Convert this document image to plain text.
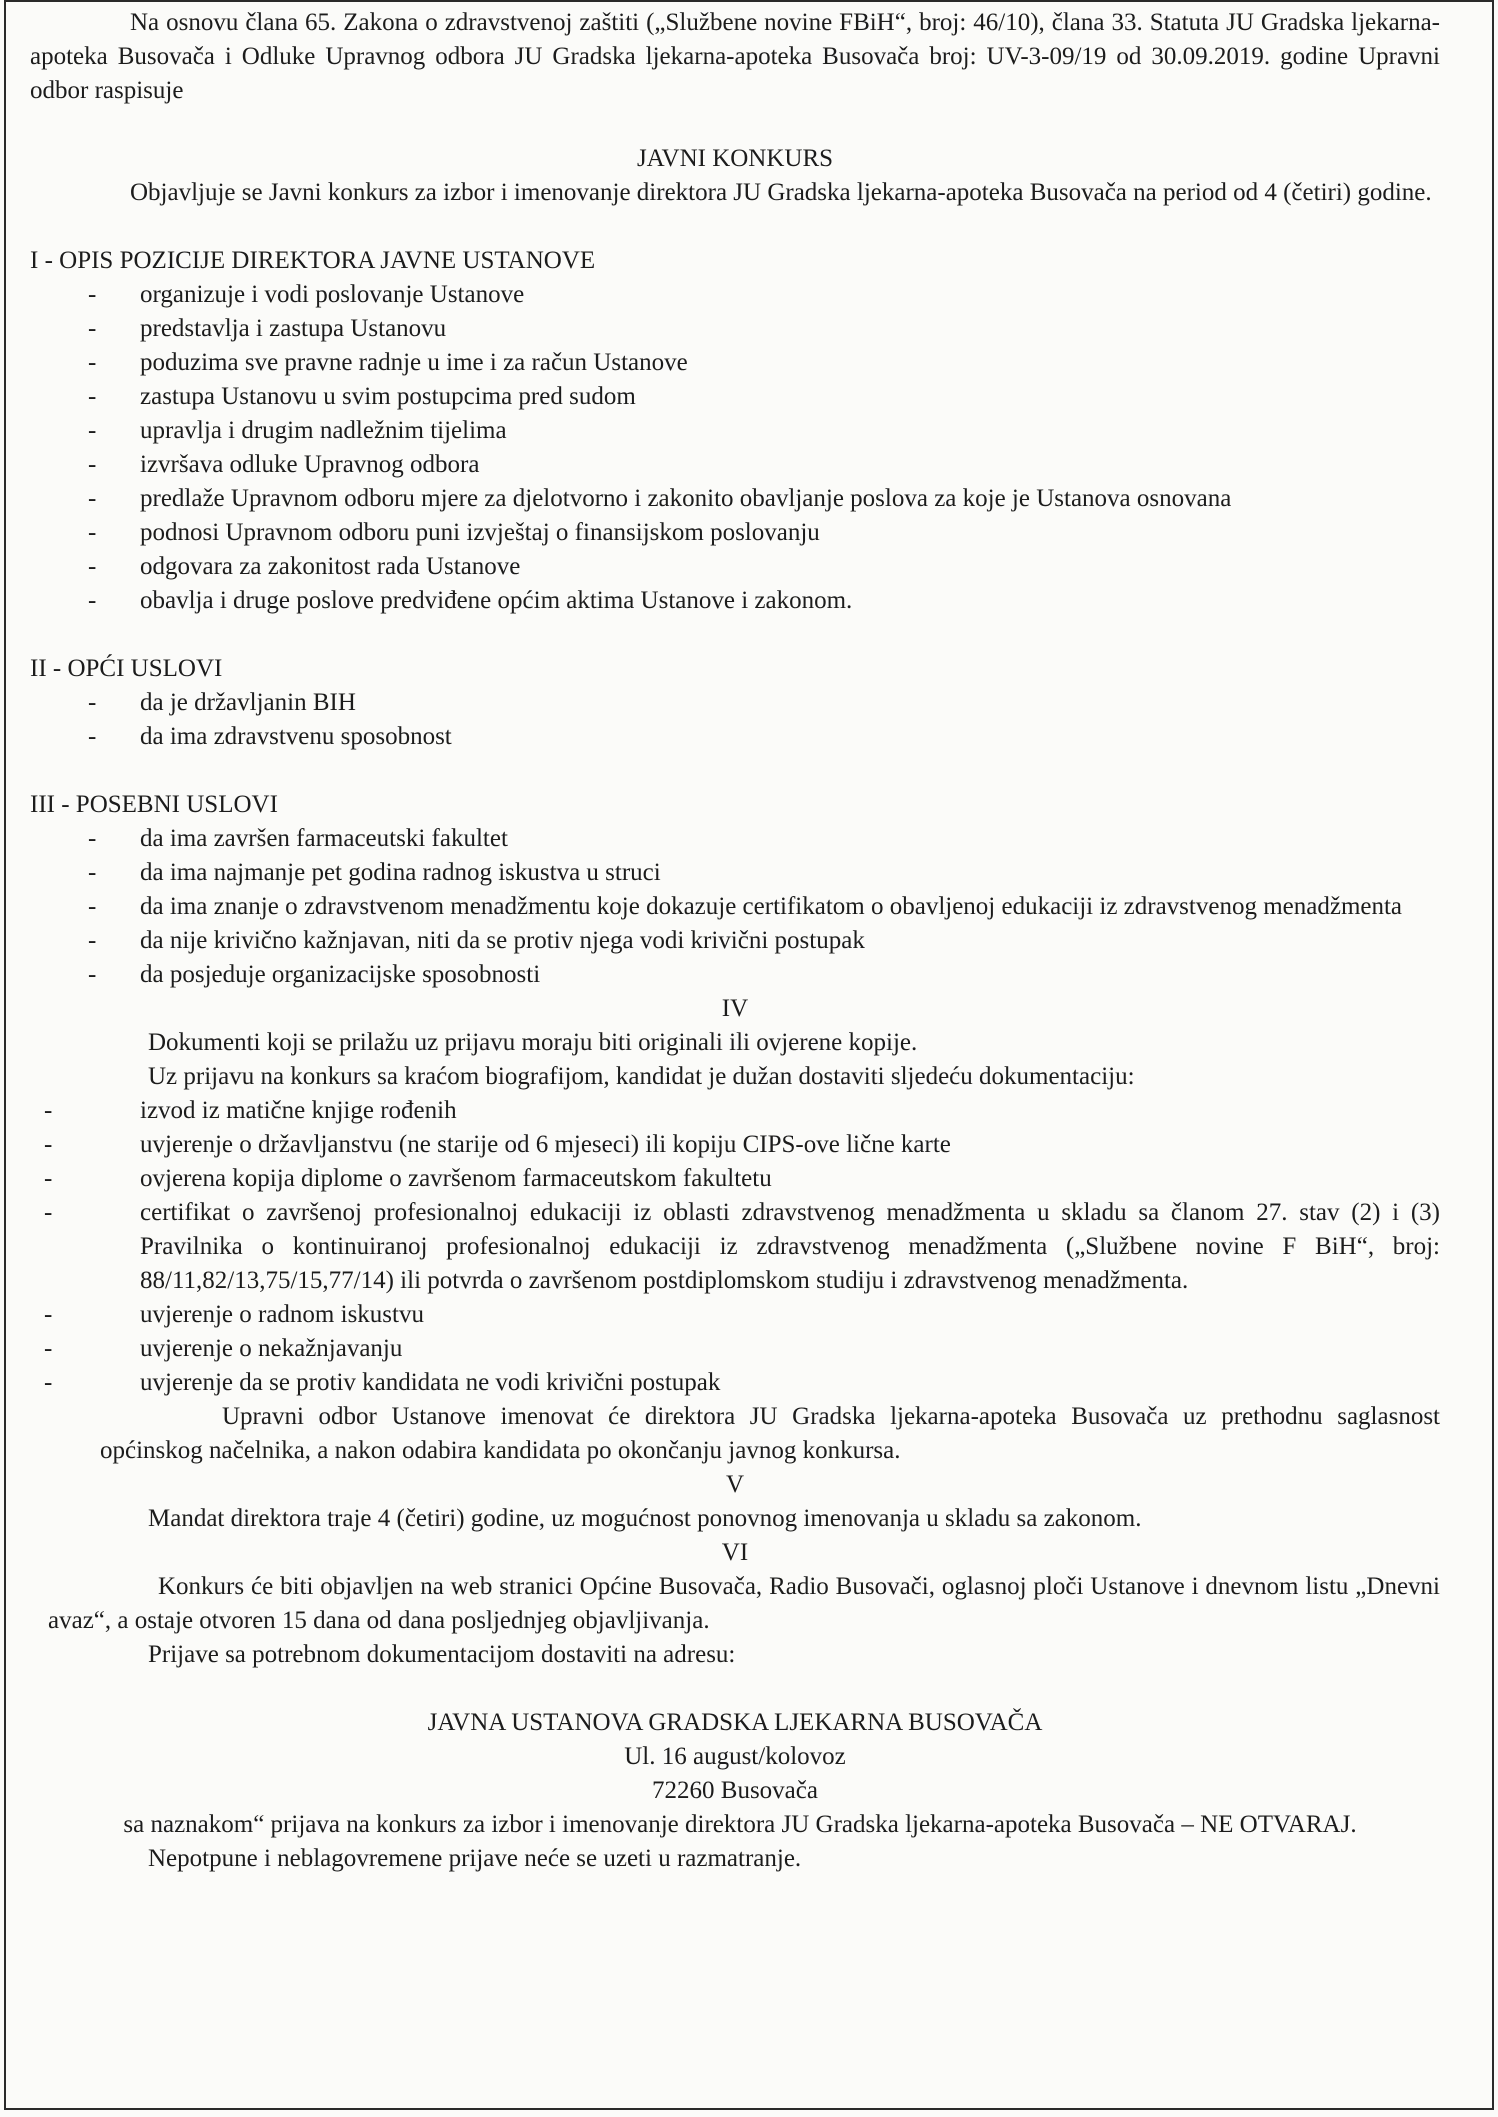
Na osnovu člana 65. Zakona o zdravstvenoj zaštiti („Službene novine FBiH“, broj: 46/10), člana 33. Statuta JU Gradska ljekarna-apoteka Busovača i Odluke Upravnog odbora JU Gradska ljekarna-apoteka Busovača broj: UV-3-09/19 od 30.09.2019. godine Upravni odbor raspisuje

JAVNI KONKURS

Objavljuje se Javni konkurs za izbor i imenovanje direktora JU Gradska ljekarna-apoteka Busovača na period od 4 (četiri) godine.

I - OPIS POZICIJE DIREKTORA JAVNE USTANOVE

- organizuje i vodi poslovanje Ustanove
- predstavlja i zastupa Ustanovu
- poduzima sve pravne radnje u ime i za račun Ustanove
- zastupa Ustanovu u svim postupcima pred sudom
- upravlja i drugim nadležnim tijelima
- izvršava odluke Upravnog odbora
- predlaže Upravnom odboru mjere za djelotvorno i zakonito obavljanje poslova za koje je Ustanova osnovana
- podnosi Upravnom odboru puni izvještaj o finansijskom poslovanju
- odgovara za zakonitost rada Ustanove
- obavlja i druge poslove predviđene općim aktima Ustanove i zakonom.

II - OPĆI USLOVI

- da je državljanin BIH
- da ima zdravstvenu sposobnost

III - POSEBNI USLOVI

- da ima završen farmaceutski fakultet
- da ima najmanje pet godina radnog iskustva u struci
- da ima znanje o zdravstvenom menadžmentu koje dokazuje certifikatom o obavljenoj edukaciji iz zdravstvenog menadžmenta
- da nije krivično kažnjavan, niti da se protiv njega vodi krivični postupak
- da posjeduje organizacijske sposobnosti

IV

Dokumenti koji se prilažu uz prijavu moraju biti originali ili ovjerene kopije.

Uz prijavu na konkurs sa kraćom biografijom, kandidat je dužan dostaviti sljedeću dokumentaciju:

-	izvod iz matične knjige rođenih
-	uvjerenje o državljanstvu (ne starije od 6 mjeseci) ili kopiju CIPS-ove lične karte
-	ovjerena kopija diplome o završenom farmaceutskom fakultetu
-	certifikat o završenoj profesionalnoj edukaciji iz oblasti zdravstvenog menadžmenta u skladu sa članom 27. stav (2) i (3) Pravilnika o kontinuiranoj profesionalnoj edukaciji iz zdravstvenog menadžmenta („Službene novine F BiH“, broj: 88/11,82/13,75/15,77/14) ili potvrda o završenom postdiplomskom studiju i zdravstvenog menadžmenta.
-	uvjerenje o radnom iskustvu
-	uvjerenje o nekažnjavanju
-	uvjerenje da se protiv kandidata ne vodi krivični postupak

Upravni odbor Ustanove imenovat će direktora JU Gradska ljekarna-apoteka Busovača uz prethodnu saglasnost općinskog načelnika, a nakon odabira kandidata po okončanju javnog konkursa.

V

Mandat direktora traje 4 (četiri) godine, uz mogućnost ponovnog imenovanja u skladu sa zakonom.

VI

Konkurs će biti objavljen na web stranici Općine Busovača, Radio Busovači, oglasnoj ploči Ustanove i dnevnom listu „Dnevni avaz“, a ostaje otvoren 15 dana od dana posljednjeg objavljivanja.

Prijave sa potrebnom dokumentacijom dostaviti na adresu:

JAVNA USTANOVA GRADSKA LJEKARNA BUSOVAČA

Ul. 16 august/kolovoz

72260 Busovača

sa naznakom“ prijava na konkurs za izbor i imenovanje direktora JU Gradska ljekarna-apoteka Busovača – NE OTVARAJ.

Nepotpune i neblagovremene prijave neće se uzeti u razmatranje.
